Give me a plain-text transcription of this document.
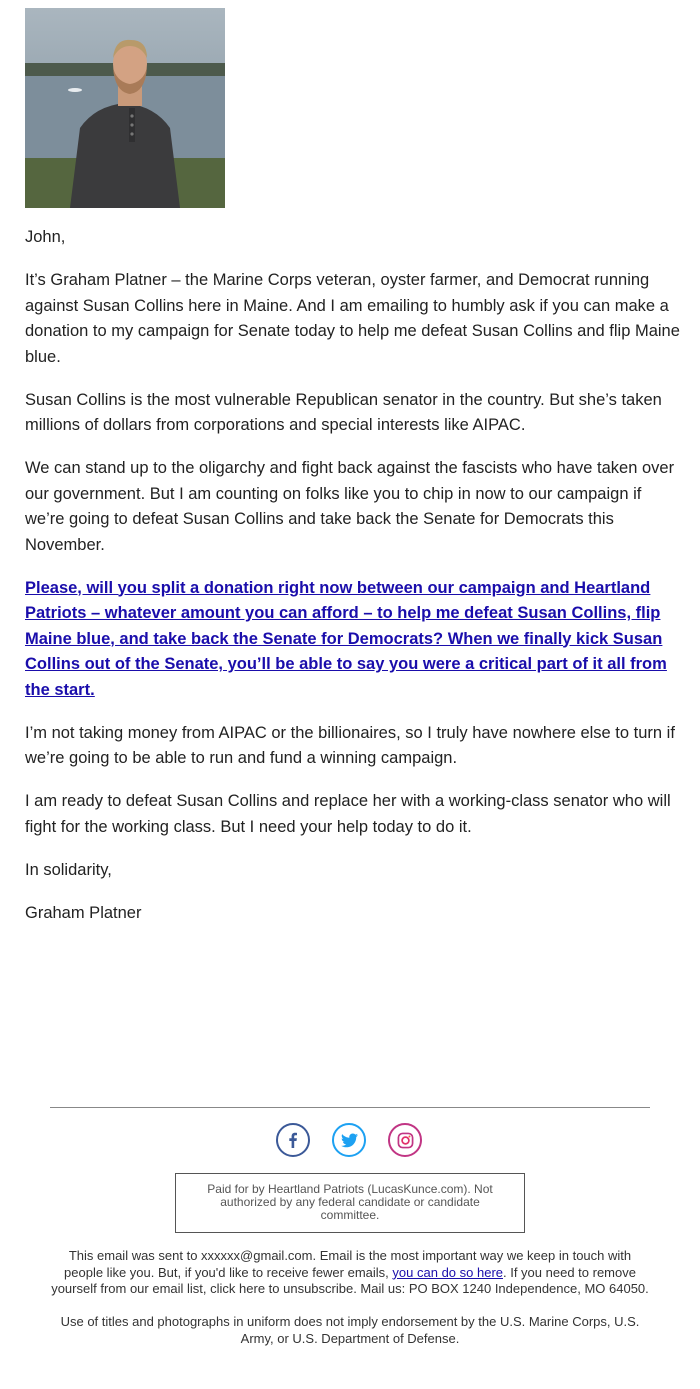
John,

It’s Graham Platner – the Marine Corps veteran, oyster farmer, and Democrat running against Susan Collins here in Maine. And I am emailing to humbly ask if you can make a donation to my campaign for Senate today to help me defeat Susan Collins and flip Maine blue.

Susan Collins is the most vulnerable Republican senator in the country. But she’s taken millions of dollars from corporations and special interests like AIPAC.

We can stand up to the oligarchy and fight back against the fascists who have taken over our government. But I am counting on folks like you to chip in now to our campaign if we’re going to defeat Susan Collins and take back the Senate for Democrats this November.

Please, will you split a donation right now between our campaign and Heartland Patriots – whatever amount you can afford – to help me defeat Susan Collins, flip Maine blue, and take back the Senate for Democrats? When we finally kick Susan Collins out of the Senate, you’ll be able to say you were a critical part of it all from the start.

I’m not taking money from AIPAC or the billionaires, so I truly have nowhere else to turn if we’re going to be able to run and fund a winning campaign.

I am ready to defeat Susan Collins and replace her with a working-class senator who will fight for the working class. But I need your help today to do it.

In solidarity,

Graham Platner

Paid for by Heartland Patriots (LucasKunce.com). Not authorized by any federal candidate or candidate committee.

This email was sent to xxxxxx@gmail.com. Email is the most important way we keep in touch with people like you. But, if you'd like to receive fewer emails, you can do so here. If you need to remove yourself from our email list, click here to unsubscribe. Mail us: PO BOX 1240 Independence, MO 64050.

Use of titles and photographs in uniform does not imply endorsement by the U.S. Marine Corps, U.S. Army, or U.S. Department of Defense.
